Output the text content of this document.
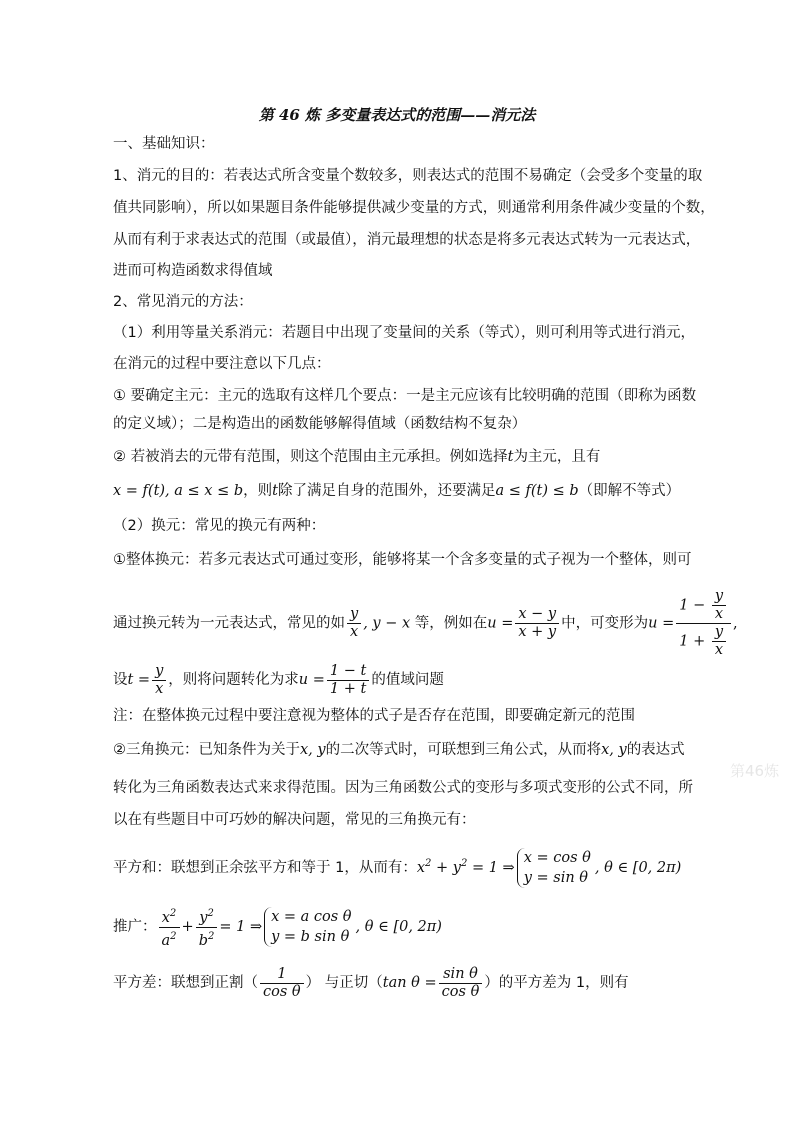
第 46 炼 多变量表达式的范围——消元法
一、基础知识：
1、消元的目的：若表达式所含变量个数较多，则表达式的范围不易确定（会受多个变量的取
值共同影响），所以如果题目条件能够提供减少变量的方式，则通常利用条件减少变量的个数，
从而有利于求表达式的范围（或最值），消元最理想的状态是将多元表达式转为一元表达式，
进而可构造函数求得值域
2、常见消元的方法：
（1）利用等量关系消元：若题目中出现了变量间的关系（等式），则可利用等式进行消元，
在消元的过程中要注意以下几点：
① 要确定主元：主元的选取有这样几个要点：一是主元应该有比较明确的范围（即称为函数
的定义域）；二是构造出的函数能够解得值域（函数结构不复杂）
② 若被消去的元带有范围，则这个范围由主元承担。例如选择t为主元，且有
x = f(t), a ≤ x ≤ b，则t除了满足自身的范围外，还要满足a ≤ f(t) ≤ b（即解不等式）
（2）换元：常见的换元有两种：
①整体换元：若多元表达式可通过变形，能够将某一个含多变量的式子视为一个整体，则可
通过换元转为一元表达式，常见的如 $\frac{y}{x}$ , y − x 等，例如在$u = \frac{x - y}{x + y}$ 中，可变形为$u = \frac{1 - \frac{y}{x}}{1 + \frac{y}{x}}$ ,
设$t = \frac{y}{x}$ ，则将问题转化为求$u = \frac{1 - t}{1 + t}$ 的值域问题
注：在整体换元过程中要注意视为整体的式子是否存在范围，即要确定新元的范围
②三角换元：已知条件为关于x, y的二次等式时，可联想到三角公式，从而将x, y的表达式
转化为三角函数表达式来求得范围。因为三角函数公式的变形与多项式变形的公式不同，所
以在有些题目中可巧妙的解决问题，常见的三角换元有：
平方和：联想到正余弦平方和等于 1，从而有：$x^2 + y^2 = 1$ ⇒
x = cos θ
y = sin θ
, θ ∈ [0, 2π)
推广： $\frac{x^2}{a^2} + \frac{y^2}{b^2} = 1$ ⇒
x = a cos θ
y = b sin θ
, θ ∈ [0, 2π)
平方差：联想到正割（ $\frac{1}{\text{cos θ}}$ ） 与正切（tan $\theta = \frac{\text{sin θ}}{\text{cos θ}}$ ）的平方差为 1，则有
第46炼
